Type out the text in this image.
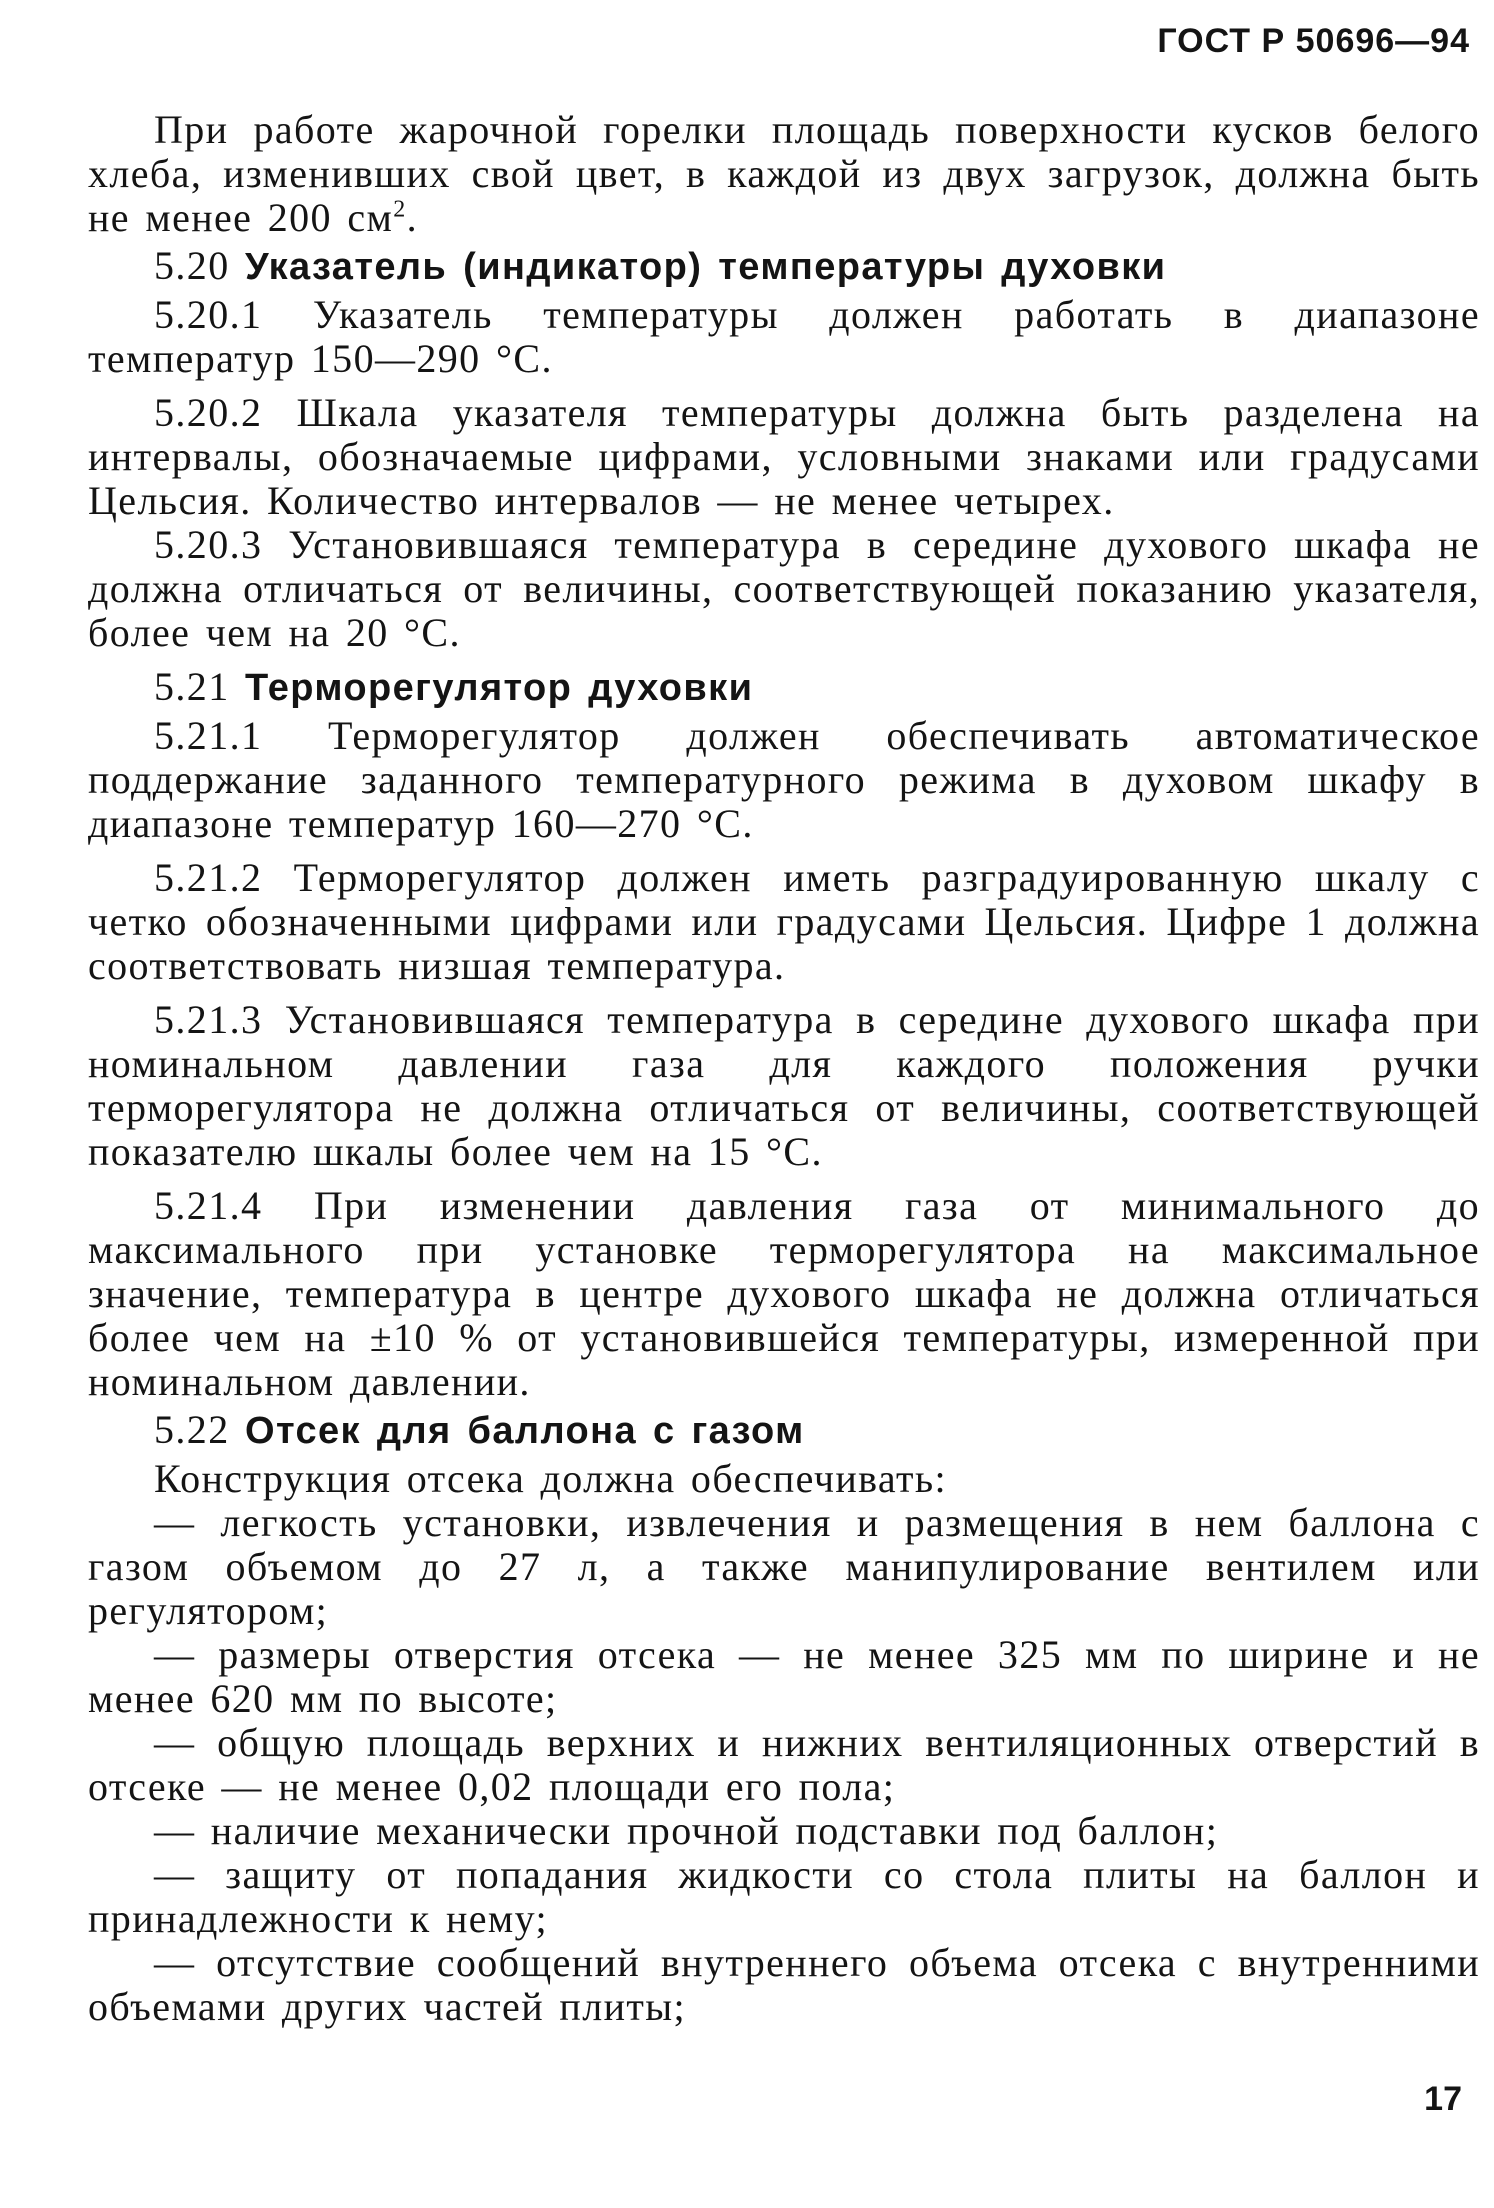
ГОСТ Р 50696—94

При работе жарочной горелки площадь поверхности кусков белого хлеба, изменивших свой цвет, в каждой из двух загрузок, должна быть не менее 200 $см^2$.

5.20 Указатель (индикатор) температуры духовки

5.20.1 Указатель температуры должен работать в диапазоне температур 150—290 °С.

5.20.2 Шкала указателя температуры должна быть разделена на интервалы, обозначаемые цифрами, условными знаками или градусами Цельсия. Количество интервалов — не менее четырех.

5.20.3 Установившаяся температура в середине духового шкафа не должна отличаться от величины, соответствующей показанию указателя, более чем на 20 °С.

5.21 Терморегулятор духовки

5.21.1 Терморегулятор должен обеспечивать автоматическое поддержание заданного температурного режима в духовом шкафу в диапазоне температур 160—270 °С.

5.21.2 Терморегулятор должен иметь разградуированную шкалу с четко обозначенными цифрами или градусами Цельсия. Цифре 1 должна соответствовать низшая температура.

5.21.3 Установившаяся температура в середине духового шкафа при номинальном давлении газа для каждого положения ручки терморегулятора не должна отличаться от величины, соответствующей показателю шкалы более чем на 15 °С.

5.21.4 При изменении давления газа от минимального до максимального при установке терморегулятора на максимальное значение, температура в центре духового шкафа не должна отличаться более чем на ±10 % от установившейся температуры, измеренной при номинальном давлении.

5.22 Отсек для баллона с газом

Конструкция отсека должна обеспечивать:

— легкость установки, извлечения и размещения в нем баллона с газом объемом до 27 л, а также манипулирование вентилем или регулятором;

— размеры отверстия отсека — не менее 325 мм по ширине и не менее 620 мм по высоте;

— общую площадь верхних и нижних вентиляционных отверстий в отсеке — не менее 0,02 площади его пола;

— наличие механически прочной подставки под баллон;

— защиту от попадания жидкости со стола плиты на баллон и принадлежности к нему;

— отсутствие сообщений внутреннего объема отсека с внутренними объемами других частей плиты;

17
